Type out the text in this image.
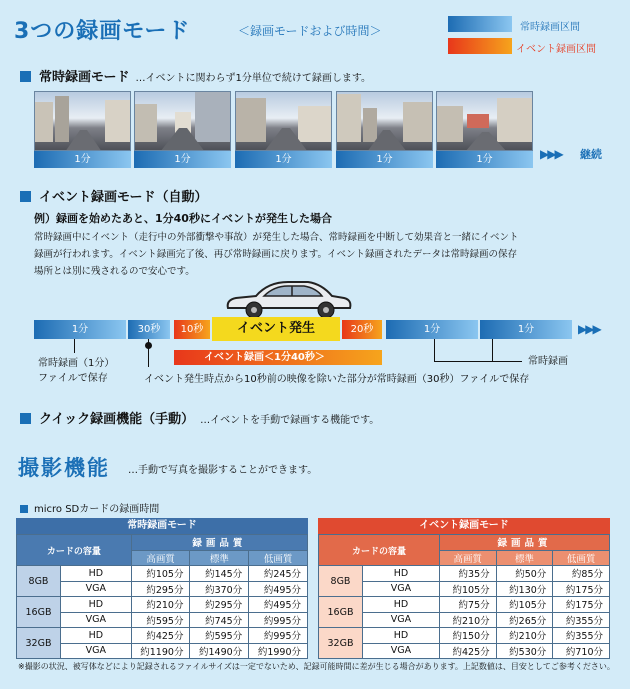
3つの録画モード	＜録画モードおよび時間＞	常時録画区間
イベント録画区間
常時録画モード …イベントに関わらず1分単位で続けて録画します。
1分	1分	1分	1分	1分	▶▶▶ 継続
イベント録画モード（自動）
例）録画を始めたあと、1分40秒にイベントが発生した場合
常時録画中にイベント（走行中の外部衝撃や事故）が発生した場合、常時録画を中断して効果音と一緒にイベント
録画が行われます。イベント録画完了後、再び常時録画に戻ります。イベント録画されたデータは常時録画の保存
場所とは別に残されるので安心です。
1分	30秒	10秒	イベント発生	20秒	1分	1分	▶▶▶
イベント録画＜1分40秒＞
常時録画（1分）
ファイルで保存
常時録画
イベント発生時点から10秒前の映像を除いた部分が常時録画（30秒）ファイルで保存
クイック録画機能（手動） …イベントを手動で録画する機能です。
撮影機能 …手動で写真を撮影することができます。
micro SDカードの録画時間
常時録画モード
カードの容量		録画品質		
		高画質	標準	低画質
8GB	HD	約105分	約145分	約245分
	VGA	約295分	約370分	約495分
16GB	HD	約210分	約295分	約495分
	VGA	約595分	約745分	約995分
32GB	HD	約425分	約595分	約995分
	VGA	約1190分	約1490分	約1990分
イベント録画モード
カードの容量		録画品質		
		高画質	標準	低画質
8GB	HD	約35分	約50分	約85分
	VGA	約105分	約130分	約175分
16GB	HD	約75分	約105分	約175分
	VGA	約210分	約265分	約355分
32GB	HD	約150分	約210分	約355分
	VGA	約425分	約530分	約710分
※撮影の状況、被写体などにより記録されるファイルサイズは一定でないため、記録可能時間に差が生じる場合があります。上記数値は、目安としてご参考ください。
